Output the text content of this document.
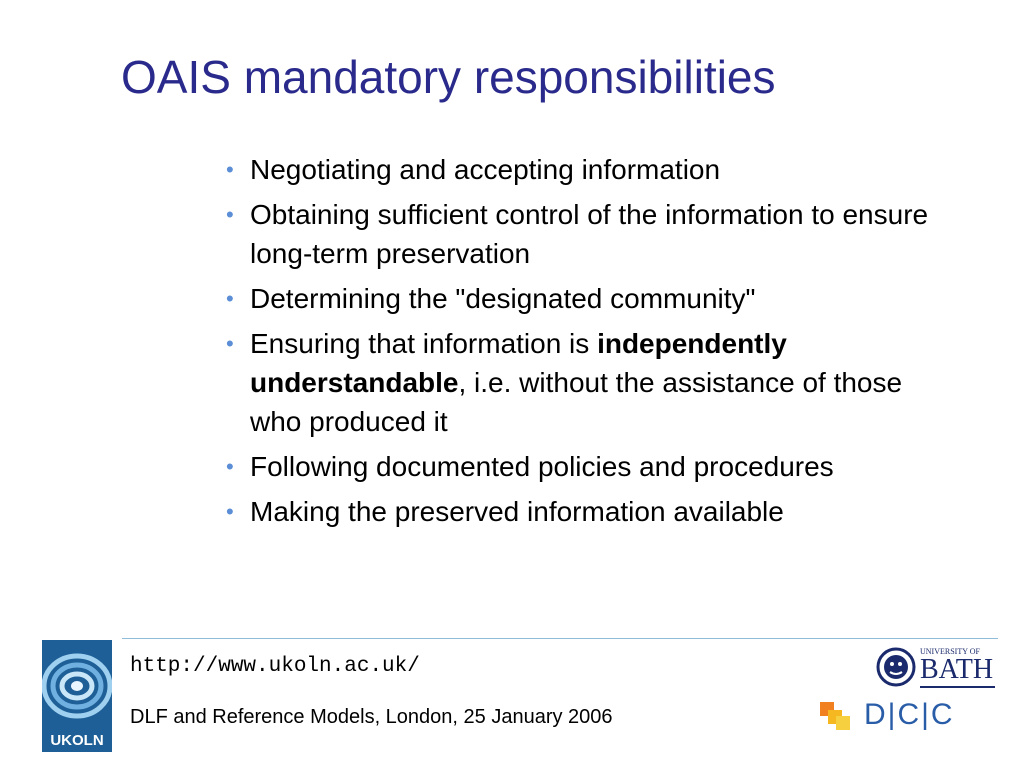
OAIS mandatory responsibilities
• Negotiating and accepting information
• Obtaining sufficient control of the information to ensure long-term preservation
• Determining the "designated community"
• Ensuring that information is independently understandable, i.e. without the assistance of those who produced it
• Following documented policies and procedures
• Making the preserved information available
UKOLN
http://www.ukoln.ac.uk/
DLF and Reference Models, London, 25 January 2006
UNIVERSITY OF
BATH
D|C|C
